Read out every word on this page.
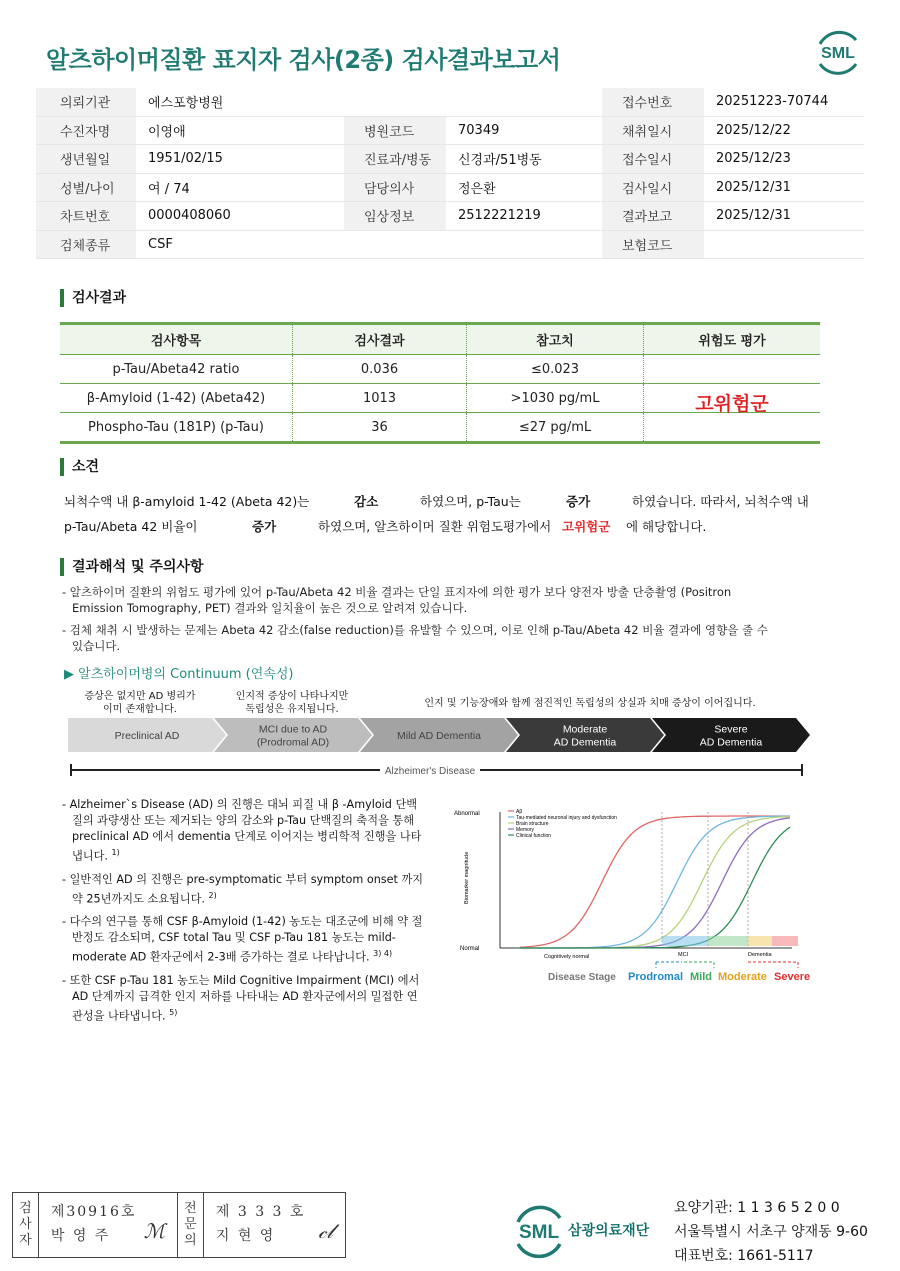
알츠하이머질환 표지자 검사(2종) 검사결과보고서	SML
의뢰기관	에스포항병원	접수번호	20251223-70744
수진자명	이영애	병원코드	70349	채취일시	2025/12/22
생년월일	1951/02/15	진료과/병동	신경과/51병동	접수일시	2025/12/23
성별/나이	여 / 74	담당의사	정은환	검사일시	2025/12/31
차트번호	0000408060	임상정보	2512221219	결과보고	2025/12/31
검체종류	CSF	보험코드
검사결과
검사항목	검사결과	참고치	위험도 평가
p-Tau/Abeta42 ratio	0.036	≤0.023
β-Amyloid (1-42) (Abeta42)	1013	>1030 pg/mL
Phospho-Tau (181P) (p-Tau)	36	≤27 pg/mL
고위험군
소견
뇌척수액 내 β-amyloid 1-42 (Abeta 42)는	감소	하였으며, p-Tau는	증가	하였습니다. 따라서, 뇌척수액 내
p-Tau/Abeta 42 비율이	증가	하였으며, 알츠하이머 질환 위험도평가에서 고위험군 에 해당합니다.
결과해석 및 주의사항
- 알츠하이머 질환의 위험도 평가에 있어 p-Tau/Abeta 42 비율 결과는 단일 표지자에 의한 평가 보다 양전자 방출 단층촬영 (Positron Emission Tomography, PET) 결과와 일치율이 높은 것으로 알려져 있습니다.
- 검체 채취 시 발생하는 문제는 Abeta 42 감소(false reduction)를 유발할 수 있으며, 이로 인해 p-Tau/Abeta 42 비율 결과에 영향을 줄 수 있습니다.
▶ 알츠하이머병의 Continuum (연속성)
증상은 없지만 AD 병리가
이미 존재합니다.
인지적 증상이 나타나지만
독립성은 유지됩니다.
인지 및 기능장애와 함께 점진적인 독립성의 상실과 치매 증상이 이어집니다.
Preclinical AD
MCI due to AD
(Prodromal AD)
Mild AD Dementia
Moderate
AD Dementia
Severe
AD Dementia
Alzheimer's Disease
- Alzheimer`s Disease (AD) 의 진행은 대뇌 피질 내 β -Amyloid 단백질의 과량생산 또는 제거되는 양의 감소와 p-Tau 단백질의 축적을 통해 preclinical AD 에서 dementia 단계로 이어지는 병리학적 진행을 나타냅니다. $^{1)}$
- 일반적인 AD 의 진행은 pre-symptomatic 부터 symptom onset 까지 약 25년까지도 소요됩니다. $^{2)}$
- 다수의 연구를 통해 CSF β-Amyloid (1-42) 농도는 대조군에 비해 약 절반정도 감소되며, CSF total Tau 및 CSF p-Tau 181 농도는 mild-moderate AD 환자군에서 2-3배 증가하는 결로 나타납니다. $^{3) 4)}$
- 또한 CSF p-Tau 181 농도는 Mild Cognitive Impairment (MCI) 에서 AD 단계까지 급격한 인지 저하를 나타내는 AD 환자군에서의 밀접한 연관성을 나타냅니다. $^{5)}$
Abnormal
Normal
Biomarker magnitude
Aβ
Tau-mediated neuronal injury and dysfunction
Brain structure
Memory
Clinical function
Cognitively normal	MCI	Dementia
Disease Stage Prodromal Mild Moderate Severe
검
사
자
제30916호
박 영 주	ℳ
전
문
의
제 3 3 3 호
지 현 영	𝒸𝓁	SML 삼광의료재단
요양기관: 1 1 3 6 5 2 0 0
서울특별시 서초구 양재동 9-60
대표번호: 1661-5117
